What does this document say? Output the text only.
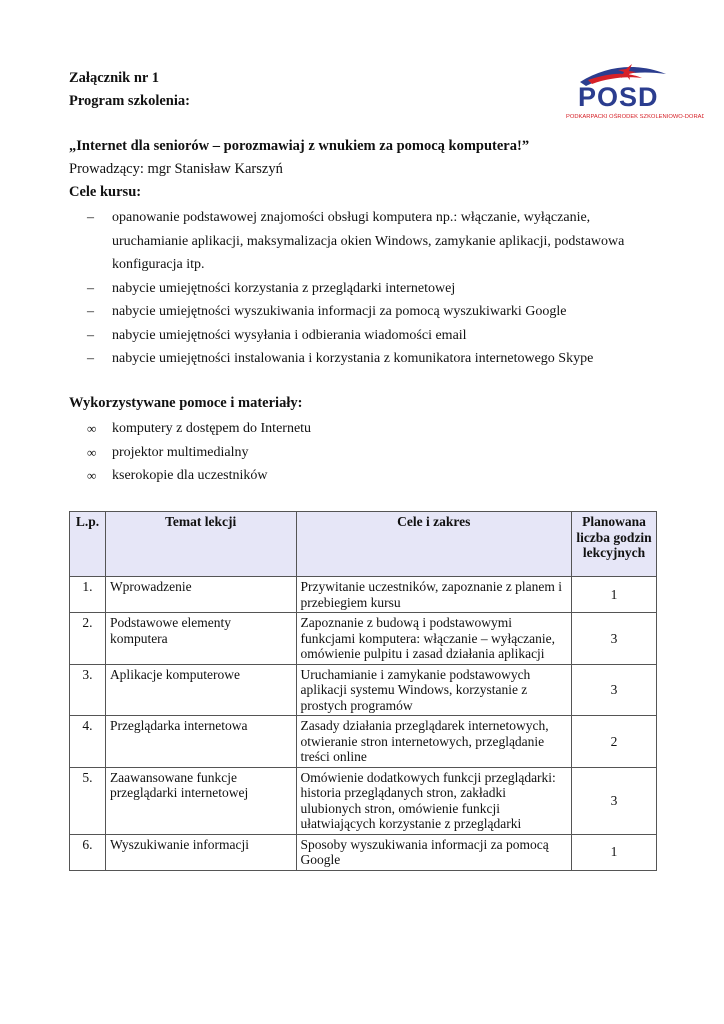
Załącznik nr 1
Program szkolenia:	POSD
PODKARPACKI OŚRODEK SZKOLENIOWO-DORADCZY
„Internet dla seniorów – porozmawiaj z wnukiem za pomocą komputera!”
Prowadzący: mgr Stanisław Karszyń
Cele kursu:
– opanowanie podstawowej znajomości obsługi komputera np.: włączanie, wyłączanie, uruchamianie aplikacji, maksymalizacja okien Windows, zamykanie aplikacji, podstawowa konfiguracja itp.
– nabycie umiejętności korzystania z przeglądarki internetowej
– nabycie umiejętności wyszukiwania informacji za pomocą wyszukiwarki Google
– nabycie umiejętności wysyłania i odbierania wiadomości email
– nabycie umiejętności instalowania i korzystania z komunikatora internetowego Skype
Wykorzystywane pomoce i materiały:
∞ komputery z dostępem do Internetu
∞ projektor multimedialny
∞ kserokopie dla uczestników
L.p.	Temat lekcji	Cele i zakres	Planowana liczba godzin lekcyjnych
1.	Wprowadzenie	Przywitanie uczestników, zapoznanie z planem i przebiegiem kursu	1
2.	Podstawowe elementy komputera	Zapoznanie z budową i podstawowymi funkcjami komputera: włączanie – wyłączanie, omówienie pulpitu i zasad działania aplikacji	3
3.	Aplikacje komputerowe	Uruchamianie i zamykanie podstawowych aplikacji systemu Windows, korzystanie z prostych programów	3
4.	Przeglądarka internetowa	Zasady działania przeglądarek internetowych, otwieranie stron internetowych, przeglądanie treści online	2
5.	Zaawansowane funkcje przeglądarki internetowej	Omówienie dodatkowych funkcji przeglądarki: historia przeglądanych stron, zakładki ulubionych stron, omówienie funkcji ułatwiających korzystanie z przeglądarki	3
6.	Wyszukiwanie informacji	Sposoby wyszukiwania informacji za pomocą Google	1
